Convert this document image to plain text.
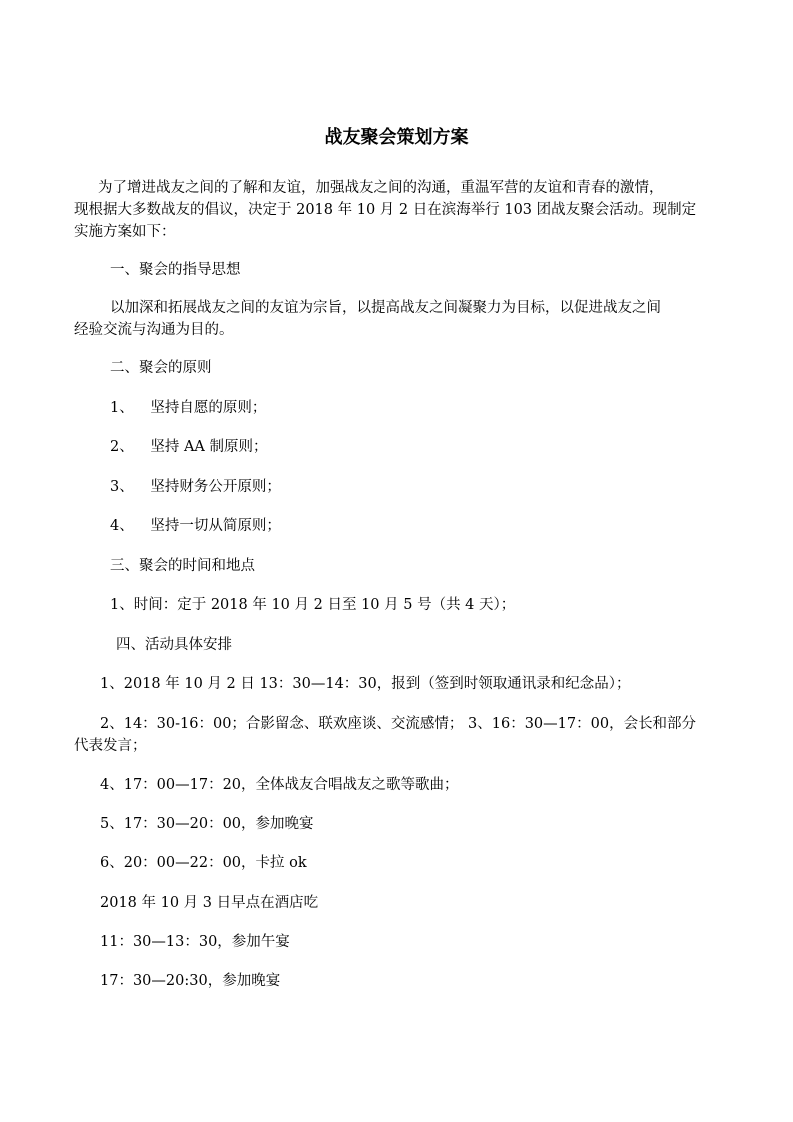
战友聚会策划方案
为了增进战友之间的了解和友谊，加强战友之间的沟通，重温军营的友谊和青春的激情，
现根据大多数战友的倡议，决定于 2018 年 10 月 2 日在滨海举行 103 团战友聚会活动。现制定
实施方案如下：
一、聚会的指导思想
以加深和拓展战友之间的友谊为宗旨，以提高战友之间凝聚力为目标，以促进战友之间
经验交流与沟通为目的。
二、聚会的原则
1、 坚持自愿的原则；
2、 坚持 AA 制原则；
3、 坚持财务公开原则；
4、 坚持一切从简原则；
三、聚会的时间和地点
1、时间：定于 2018 年 10 月 2 日至 10 月 5 号（共 4 天）；
四、活动具体安排
1、2018 年 10 月 2 日 13：30—14：30，报到（签到时领取通讯录和纪念品）；
2、14：30-16：00；合影留念、联欢座谈、交流感情； 3、16：30—17：00，会长和部分
代表发言；
4、17：00—17：20，全体战友合唱战友之歌等歌曲；
5、17：30—20：00，参加晚宴
6、20：00—22：00，卡拉 ok
2018 年 10 月 3 日早点在酒店吃
11：30—13：30，参加午宴
17：30—20:30，参加晚宴
